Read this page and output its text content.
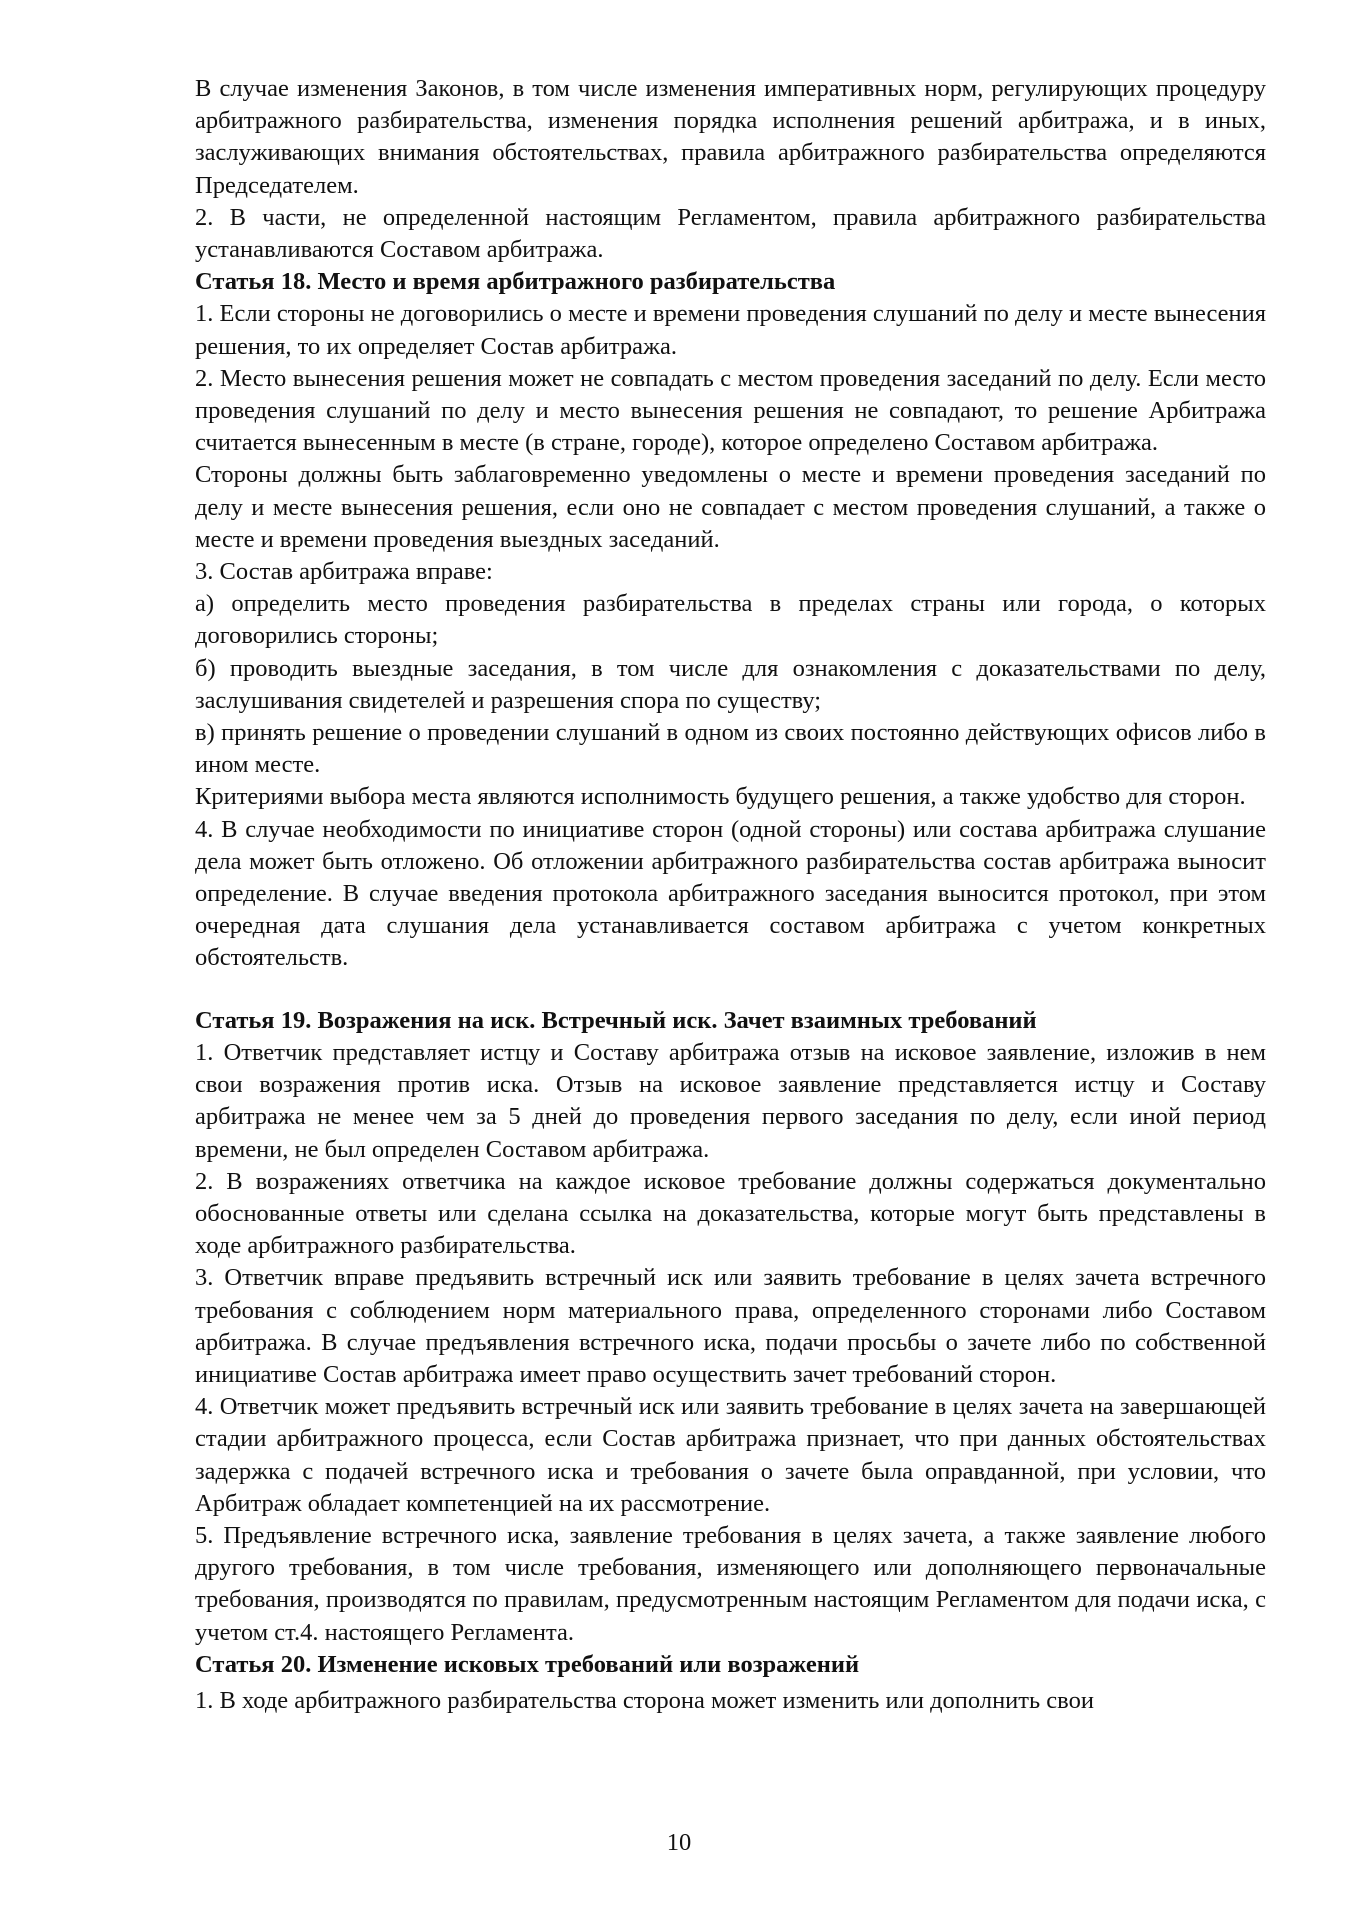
В случае изменения Законов, в том числе изменения императивных норм, регулирующих процедуру арбитражного разбирательства, изменения порядка исполнения решений арбитража, и в иных, заслуживающих внимания обстоятельствах, правила арбитражного разбирательства определяются Председателем.
2. В части, не определенной настоящим Регламентом, правила арбитражного разбирательства устанавливаются Составом арбитража.
Статья 18. Место и время арбитражного разбирательства
1. Если стороны не договорились о месте и времени проведения слушаний по делу и месте вынесения решения, то их определяет Состав арбитража.
2. Место вынесения решения может не совпадать с местом проведения заседаний по делу. Если место проведения слушаний по делу и место вынесения решения не совпадают, то решение Арбитража считается вынесенным в месте (в стране, городе), которое определено Составом арбитража.
Стороны должны быть заблаговременно уведомлены о месте и времени проведения заседаний по делу и месте вынесения решения, если оно не совпадает с местом проведения слушаний, а также о месте и времени проведения выездных заседаний.
3. Состав арбитража вправе:
а) определить место проведения разбирательства в пределах страны или города, о которых договорились стороны;
б) проводить выездные заседания, в том числе для ознакомления с доказательствами по делу, заслушивания свидетелей и разрешения спора по существу;
в) принять решение о проведении слушаний в одном из своих постоянно действующих офисов либо в ином месте.
Критериями выбора места являются исполнимость будущего решения, а также удобство для сторон.
4. В случае необходимости по инициативе сторон (одной стороны) или состава арбитража слушание дела может быть отложено. Об отложении арбитражного разбирательства состав арбитража выносит определение. В случае введения протокола арбитражного заседания выносится протокол, при этом очередная дата слушания дела устанавливается составом арбитража с учетом конкретных обстоятельств.
Статья 19. Возражения на иск. Встречный иск. Зачет взаимных требований
1. Ответчик представляет истцу и Составу арбитража отзыв на исковое заявление, изложив в нем свои возражения против иска. Отзыв на исковое заявление представляется истцу и Составу арбитража не менее чем за 5 дней до проведения первого заседания по делу, если иной период времени, не был определен Составом арбитража.
2. В возражениях ответчика на каждое исковое требование должны содержаться документально обоснованные ответы или сделана ссылка на доказательства, которые могут быть представлены в ходе арбитражного разбирательства.
3. Ответчик вправе предъявить встречный иск или заявить требование в целях зачета встречного требования с соблюдением норм материального права, определенного сторонами либо Составом арбитража. В случае предъявления встречного иска, подачи просьбы о зачете либо по собственной инициативе Состав арбитража имеет право осуществить зачет требований сторон.
4. Ответчик может предъявить встречный иск или заявить требование в целях зачета на завершающей стадии арбитражного процесса, если Состав арбитража признает, что при данных обстоятельствах задержка с подачей встречного иска и требования о зачете была оправданной, при условии, что Арбитраж обладает компетенцией на их рассмотрение.
5. Предъявление встречного иска, заявление требования в целях зачета, а также заявление любого другого требования, в том числе требования, изменяющего или дополняющего первоначальные требования, производятся по правилам, предусмотренным настоящим Регламентом для подачи иска, с учетом ст.4. настоящего Регламента.
Статья 20. Изменение исковых требований или возражений
1. В ходе арбитражного разбирательства сторона может изменить или дополнить свои
10
